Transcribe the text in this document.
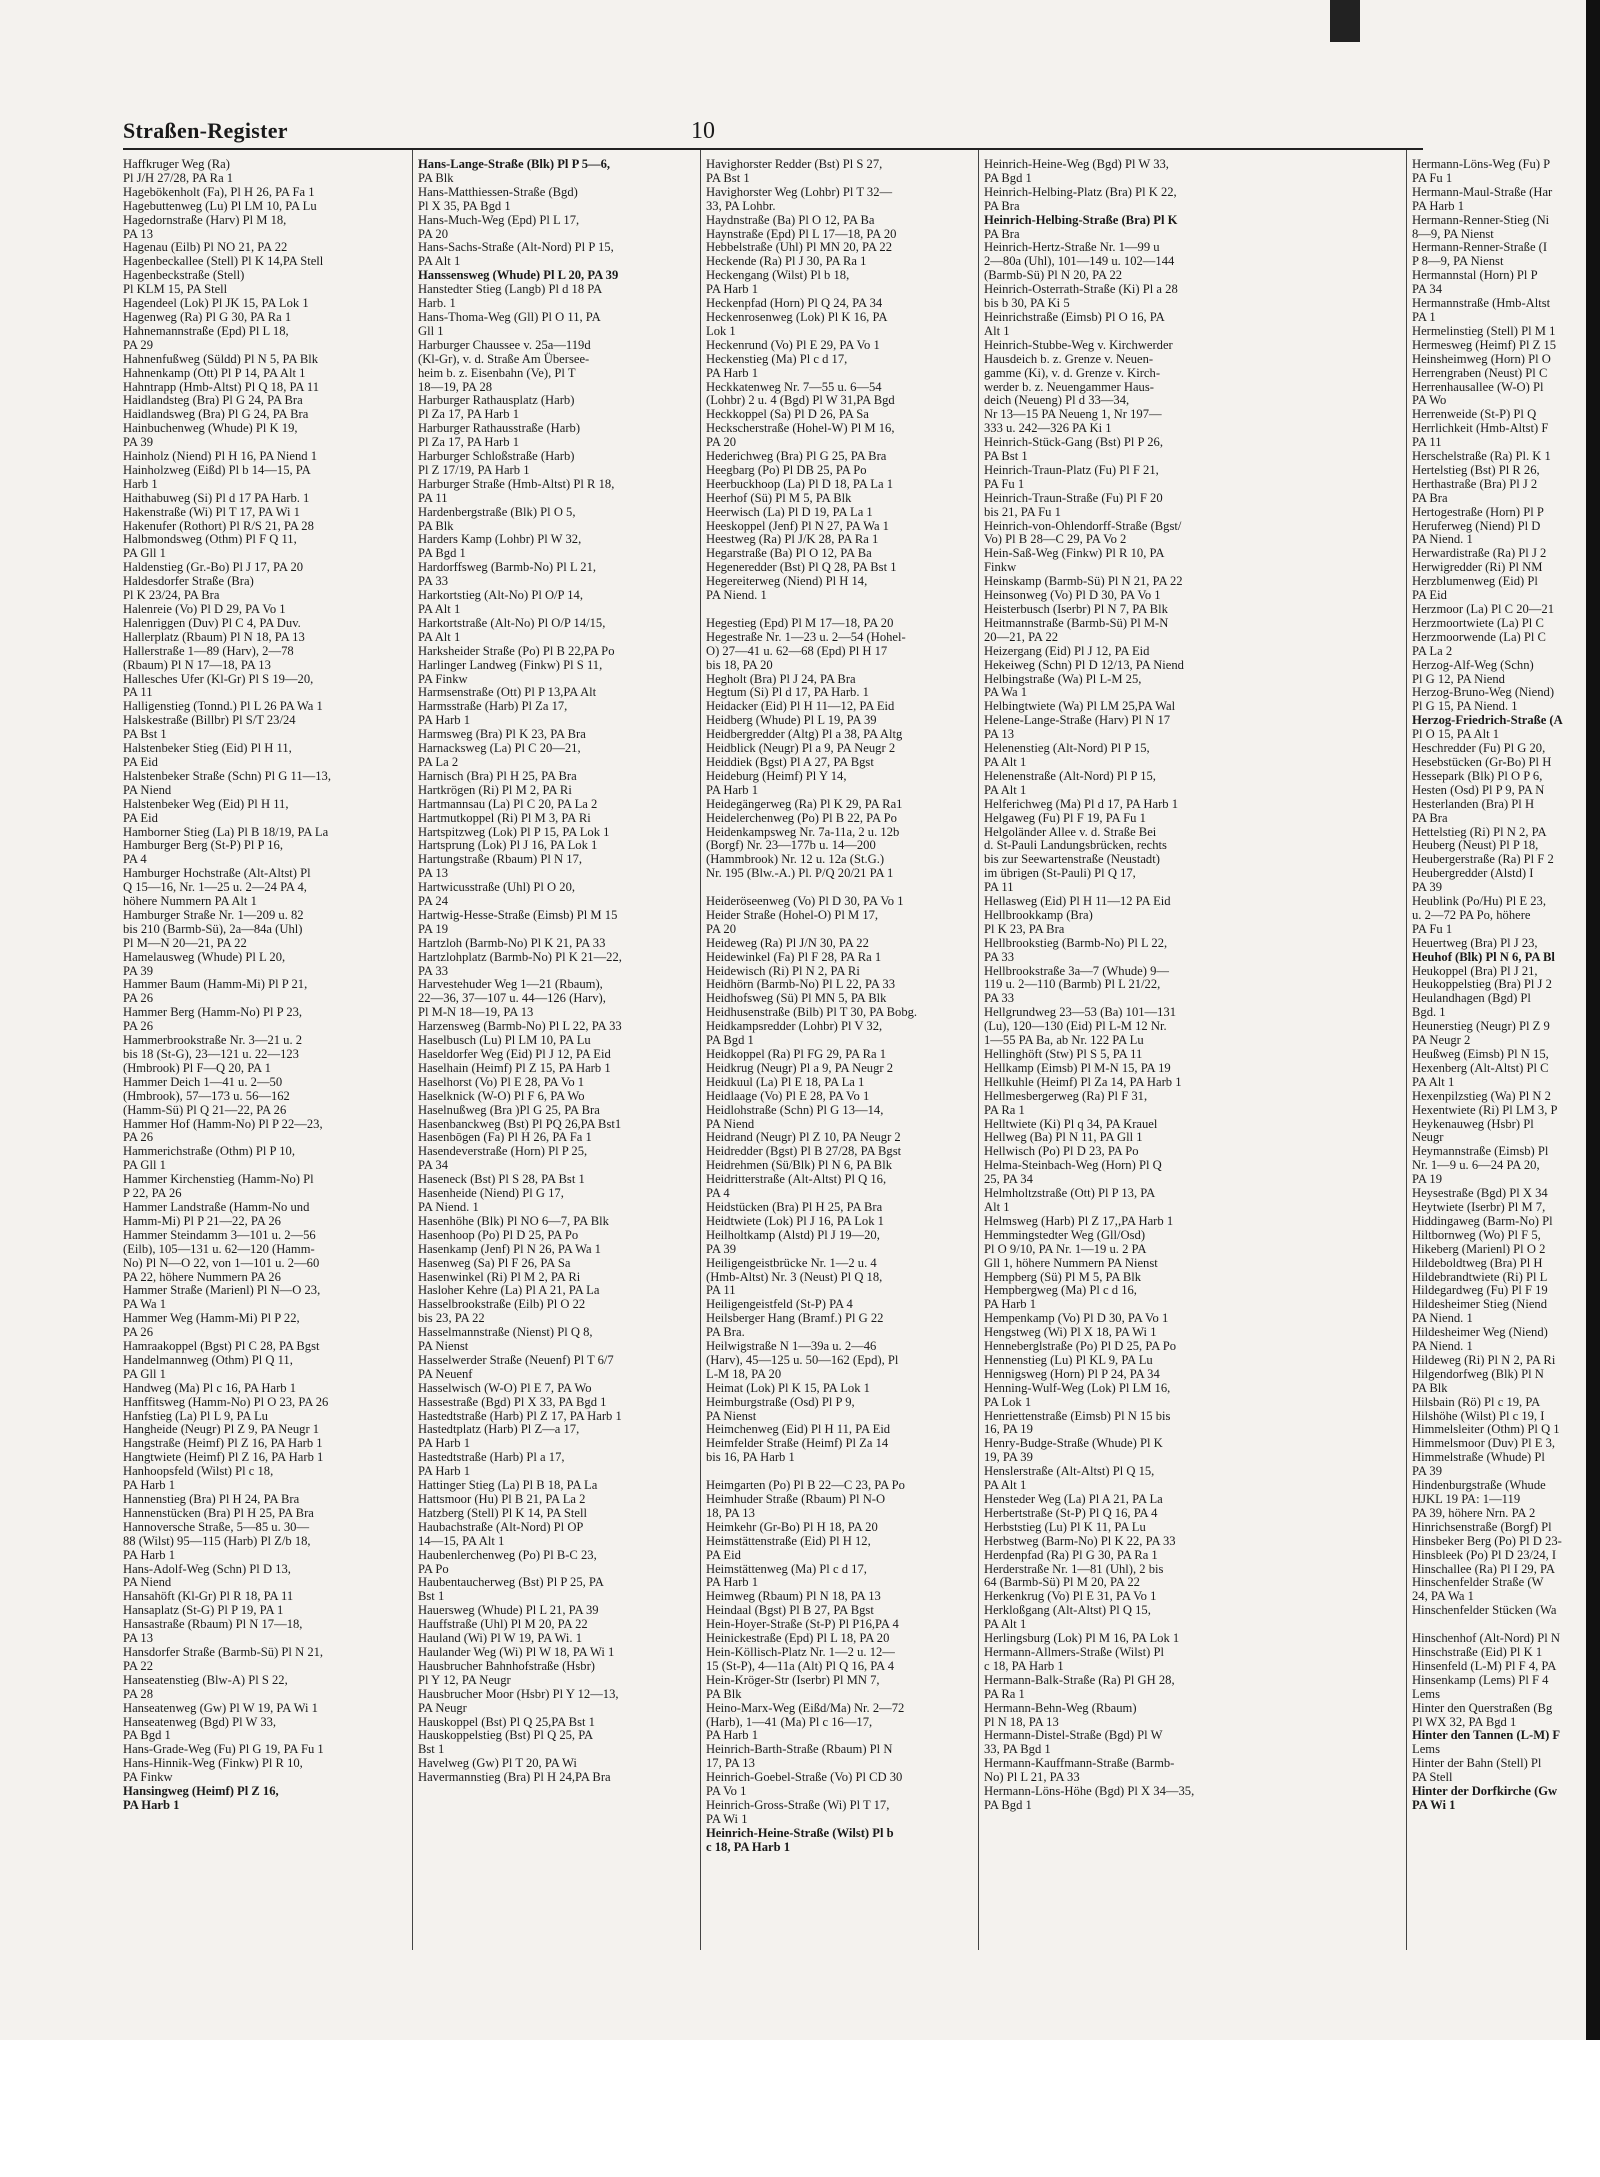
Straßen-Register	10

Haffkruger Weg (Ra)

Pl J/H 27/28, PA Ra 1

Hagebökenholt (Fa), Pl H 26, PA Fa 1

Hagebuttenweg (Lu) Pl LM 10, PA Lu

Hagedornstraße (Harv) Pl M 18,

PA 13

Hagenau (Eilb) Pl NO 21, PA 22

Hagenbeckallee (Stell) Pl K 14,PA Stell

Hagenbeckstraße (Stell)

Pl KLM 15, PA Stell

Hagendeel (Lok) Pl JK 15, PA Lok 1

Hagenweg (Ra) Pl G 30, PA Ra 1

Hahnemannstraße (Epd) Pl L 18,

PA 29

Hahnenfußweg (Süldd) Pl N 5, PA Blk

Hahnenkamp (Ott) Pl P 14, PA Alt 1

Hahntrapp (Hmb-Altst) Pl Q 18, PA 11

Haidlandsteg (Bra) Pl G 24, PA Bra

Haidlandsweg (Bra) Pl G 24, PA Bra

Hainbuchenweg (Whude) Pl K 19,

PA 39

Hainholz (Niend) Pl H 16, PA Niend 1

Hainholzweg (Eißd) Pl b 14—15, PA

Harb 1

Haithabuweg (Si) Pl d 17 PA Harb. 1

Hakenstraße (Wi) Pl T 17, PA Wi 1

Hakenufer (Rothort) Pl R/S 21, PA 28

Halbmondsweg (Othm) Pl F Q 11,

PA Gll 1

Haldenstieg (Gr.-Bo) Pl J 17, PA 20

Haldesdorfer Straße (Bra)

Pl K 23/24, PA Bra

Halenreie (Vo) Pl D 29, PA Vo 1

Halenriggen (Duv) Pl C 4, PA Duv.

Hallerplatz (Rbaum) Pl N 18, PA 13

Hallerstraße 1—89 (Harv), 2—78

(Rbaum) Pl N 17—18, PA 13

Hallesches Ufer (Kl-Gr) Pl S 19—20,

PA 11

Halligenstieg (Tonnd.) Pl L 26 PA Wa 1

Halskestraße (Billbr) Pl S/T 23/24

PA Bst 1

Halstenbeker Stieg (Eid) Pl H 11,

PA Eid

Halstenbeker Straße (Schn) Pl G 11—13,

PA Niend

Halstenbeker Weg (Eid) Pl H 11,

PA Eid

Hamborner Stieg (La) Pl B 18/19, PA La

Hamburger Berg (St-P) Pl P 16,

PA 4

Hamburger Hochstraße (Alt-Altst) Pl

Q 15—16, Nr. 1—25 u. 2—24 PA 4,

höhere Nummern PA Alt 1

Hamburger Straße Nr. 1—209 u. 82

bis 210 (Barmb-Sü), 2a—84a (Uhl)

Pl M—N 20—21, PA 22

Hamelausweg (Whude) Pl L 20,

PA 39

Hammer Baum (Hamm-Mi) Pl P 21,

PA 26

Hammer Berg (Hamm-No) Pl P 23,

PA 26

Hammerbrookstraße Nr. 3—21 u. 2

bis 18 (St-G), 23—121 u. 22—123

(Hmbrook) Pl F—Q 20, PA 1

Hammer Deich 1—41 u. 2—50

(Hmbrook), 57—173 u. 56—162

(Hamm-Sü) Pl Q 21—22, PA 26

Hammer Hof (Hamm-No) Pl P 22—23,

PA 26

Hammerichstraße (Othm) Pl P 10,

PA Gll 1

Hammer Kirchenstieg (Hamm-No) Pl

P 22, PA 26

Hammer Landstraße (Hamm-No und

Hamm-Mi) Pl P 21—22, PA 26

Hammer Steindamm 3—101 u. 2—56

(Eilb), 105—131 u. 62—120 (Hamm-

No) Pl N—O 22, von 1—101 u. 2—60

PA 22, höhere Nummern PA 26

Hammer Straße (Marienl) Pl N—O 23,

PA Wa 1

Hammer Weg (Hamm-Mi) Pl P 22,

PA 26

Hamraakoppel (Bgst) Pl C 28, PA Bgst

Handelmannweg (Othm) Pl Q 11,

PA Gll 1

Handweg (Ma) Pl c 16, PA Harb 1

Hanffitsweg (Hamm-No) Pl O 23, PA 26

Hanfstieg (La) Pl L 9, PA Lu

Hangheide (Neugr) Pl Z 9, PA Neugr 1

Hangstraße (Heimf) Pl Z 16, PA Harb 1

Hangtwiete (Heimf) Pl Z 16, PA Harb 1

Hanhoopsfeld (Wilst) Pl c 18,

PA Harb 1

Hannenstieg (Bra) Pl H 24, PA Bra

Hannenstücken (Bra) Pl H 25, PA Bra

Hannoversche Straße, 5—85 u. 30—

88 (Wilst) 95—115 (Harb) Pl Z/b 18,

PA Harb 1

Hans-Adolf-Weg (Schn) Pl D 13,

PA Niend

Hansahöft (Kl-Gr) Pl R 18, PA 11

Hansaplatz (St-G) Pl P 19, PA 1

Hansastraße (Rbaum) Pl N 17—18,

PA 13

Hansdorfer Straße (Barmb-Sü) Pl N 21,

PA 22

Hanseatenstieg (Blw-A) Pl S 22,

PA 28

Hanseatenweg (Gw) Pl W 19, PA Wi 1

Hanseatenweg (Bgd) Pl W 33,

PA Bgd 1

Hans-Grade-Weg (Fu) Pl G 19, PA Fu 1

Hans-Hinnik-Weg (Finkw) Pl R 10,

PA Finkw

Hansingweg (Heimf) Pl Z 16,

PA Harb 1

Hans-Lange-Straße (Blk) Pl P 5—6,

PA Blk

Hans-Matthiessen-Straße (Bgd)

Pl X 35, PA Bgd 1

Hans-Much-Weg (Epd) Pl L 17,

PA 20

Hans-Sachs-Straße (Alt-Nord) Pl P 15,

PA Alt 1

Hanssensweg (Whude) Pl L 20, PA 39

Hanstedter Stieg (Langb) Pl d 18 PA

Harb. 1

Hans-Thoma-Weg (Gll) Pl O 11, PA

Gll 1

Harburger Chaussee v. 25a—119d

(Kl-Gr), v. d. Straße Am Übersee-

heim b. z. Eisenbahn (Ve), Pl T

18—19, PA 28

Harburger Rathausplatz (Harb)

Pl Za 17, PA Harb 1

Harburger Rathausstraße (Harb)

Pl Za 17, PA Harb 1

Harburger Schloßstraße (Harb)

Pl Z 17/19, PA Harb 1

Harburger Straße (Hmb-Altst) Pl R 18,

PA 11

Hardenbergstraße (Blk) Pl O 5,

PA Blk

Harders Kamp (Lohbr) Pl W 32,

PA Bgd 1

Hardorffsweg (Barmb-No) Pl L 21,

PA 33

Harkortstieg (Alt-No) Pl O/P 14,

PA Alt 1

Harkortstraße (Alt-No) Pl O/P 14/15,

PA Alt 1

Harksheider Straße (Po) Pl B 22,PA Po

Harlinger Landweg (Finkw) Pl S 11,

PA Finkw

Harmsenstraße (Ott) Pl P 13,PA Alt

Harmsstraße (Harb) Pl Za 17,

PA Harb 1

Harmsweg (Bra) Pl K 23, PA Bra

Harnacksweg (La) Pl C 20—21,

PA La 2

Harnisch (Bra) Pl H 25, PA Bra

Hartkrögen (Ri) Pl M 2, PA Ri

Hartmannsau (La) Pl C 20, PA La 2

Hartmutkoppel (Ri) Pl M 3, PA Ri

Hartspitzweg (Lok) Pl P 15, PA Lok 1

Hartsprung (Lok) Pl J 16, PA Lok 1

Hartungstraße (Rbaum) Pl N 17,

PA 13

Hartwicusstraße (Uhl) Pl O 20,

PA 24

Hartwig-Hesse-Straße (Eimsb) Pl M 15

PA 19

Hartzloh (Barmb-No) Pl K 21, PA 33

Hartzlohplatz (Barmb-No) Pl K 21—22,

PA 33

Harvestehuder Weg 1—21 (Rbaum),

22—36, 37—107 u. 44—126 (Harv),

Pl M-N 18—19, PA 13

Harzensweg (Barmb-No) Pl L 22, PA 33

Haselbusch (Lu) Pl LM 10, PA Lu

Haseldorfer Weg (Eid) Pl J 12, PA Eid

Haselhain (Heimf) Pl Z 15, PA Harb 1

Haselhorst (Vo) Pl E 28, PA Vo 1

Haselknick (W-O) Pl F 6, PA Wo

Haselnußweg (Bra )Pl G 25, PA Bra

Hasenbanckweg (Bst) Pl PQ 26,PA Bst1

Hasenbōgen (Fa) Pl H 26, PA Fa 1

Hasendeverstraße (Horn) Pl P 25,

PA 34

Haseneck (Bst) Pl S 28, PA Bst 1

Hasenheide (Niend) Pl G 17,

PA Niend. 1

Hasenhöhe (Blk) Pl NO 6—7, PA Blk

Hasenhoop (Po) Pl D 25, PA Po

Hasenkamp (Jenf) Pl N 26, PA Wa 1

Hasenweg (Sa) Pl F 26, PA Sa

Hasenwinkel (Ri) Pl M 2, PA Ri

Hasloher Kehre (La) Pl A 21, PA La

Hasselbrookstraße (Eilb) Pl O 22

bis 23, PA 22

Hasselmannstraße (Nienst) Pl Q 8,

PA Nienst

Hasselwerder Straße (Neuenf) Pl T 6/7

PA Neuenf

Hasselwisch (W-O) Pl E 7, PA Wo

Hassestraße (Bgd) Pl X 33, PA Bgd 1

Hastedtstraße (Harb) Pl Z 17, PA Harb 1

Hastedtplatz (Harb) Pl Z—a 17,

PA Harb 1

Hastedtstraße (Harb) Pl a 17,

PA Harb 1

Hattinger Stieg (La) Pl B 18, PA La

Hattsmoor (Hu) Pl B 21, PA La 2

Hatzberg (Stell) Pl K 14, PA Stell

Haubachstraße (Alt-Nord) Pl OP

14—15, PA Alt 1

Haubenlerchenweg (Po) Pl B-C 23,

PA Po

Haubentaucherweg (Bst) Pl P 25, PA

Bst 1

Hauersweg (Whude) Pl L 21, PA 39

Hauffstraße (Uhl) Pl M 20, PA 22

Hauland (Wi) Pl W 19, PA Wi. 1

Haulander Weg (Wi) Pl W 18, PA Wi 1

Hausbrucher Bahnhofstraße (Hsbr)

Pl Y 12, PA Neugr

Hausbrucher Moor (Hsbr) Pl Y 12—13,

PA Neugr

Hauskoppel (Bst) Pl Q 25,PA Bst 1

Hauskoppelstieg (Bst) Pl Q 25, PA

Bst 1

Havelweg (Gw) Pl T 20, PA Wi

Havermannstieg (Bra) Pl H 24,PA Bra

Havighorster Redder (Bst) Pl S 27,

PA Bst 1

Havighorster Weg (Lohbr) Pl T 32—

33, PA Lohbr.

Haydnstraße (Ba) Pl O 12, PA Ba

Haynstraße (Epd) Pl L 17—18, PA 20

Hebbelstraße (Uhl) Pl MN 20, PA 22

Heckende (Ra) Pl J 30, PA Ra 1

Heckengang (Wilst) Pl b 18,

PA Harb 1

Heckenpfad (Horn) Pl Q 24, PA 34

Heckenrosenweg (Lok) Pl K 16, PA

Lok 1

Heckenrund (Vo) Pl E 29, PA Vo 1

Heckenstieg (Ma) Pl c d 17,

PA Harb 1

Heckkatenweg Nr. 7—55 u. 6—54

(Lohbr) 2 u. 4 (Bgd) Pl W 31,PA Bgd

Heckkoppel (Sa) Pl D 26, PA Sa

Heckscherstraße (Hohel-W) Pl M 16,

PA 20

Hederichweg (Bra) Pl G 25, PA Bra

Heegbarg (Po) Pl DB 25, PA Po

Heerbuckhoop (La) Pl D 18, PA La 1

Heerhof (Sü) Pl M 5, PA Blk

Heerwisch (La) Pl D 19, PA La 1

Heeskoppel (Jenf) Pl N 27, PA Wa 1

Heestweg (Ra) Pl J/K 28, PA Ra 1

Hegarstraße (Ba) Pl O 12, PA Ba

Hegeneredder (Bst) Pl Q 28, PA Bst 1

Hegereiterweg (Niend) Pl H 14,

PA Niend. 1

Hegestieg (Epd) Pl M 17—18, PA 20

Hegestraße Nr. 1—23 u. 2—54 (Hohel-

O) 27—41 u. 62—68 (Epd) Pl H 17

bis 18, PA 20

Hegholt (Bra) Pl J 24, PA Bra

Hegtum (Si) Pl d 17, PA Harb. 1

Heidacker (Eid) Pl H 11—12, PA Eid

Heidberg (Whude) Pl L 19, PA 39

Heidbergredder (Altg) Pl a 38, PA Altg

Heidblick (Neugr) Pl a 9, PA Neugr 2

Heiddiek (Bgst) Pl A 27, PA Bgst

Heideburg (Heimf) Pl Y 14,

PA Harb 1

Heidegängerweg (Ra) Pl K 29, PA Ra1

Heidelerchenweg (Po) Pl B 22, PA Po

Heidenkampsweg Nr. 7a-11a, 2 u. 12b

(Borgf) Nr. 23—177b u. 14—200

(Hammbrook) Nr. 12 u. 12a (St.G.)

Nr. 195 (Blw.-A.) Pl. P/Q 20/21 PA 1

Heideröseenweg (Vo) Pl D 30, PA Vo 1

Heider Straße (Hohel-O) Pl M 17,

PA 20

Heideweg (Ra) Pl J/N 30, PA 22

Heidewinkel (Fa) Pl F 28, PA Ra 1

Heidewisch (Ri) Pl N 2, PA Ri

Heidhörn (Barmb-No) Pl L 22, PA 33

Heidhofsweg (Sü) Pl MN 5, PA Blk

Heidhusenstraße (Bilb) Pl T 30, PA Bobg.

Heidkampsredder (Lohbr) Pl V 32,

PA Bgd 1

Heidkoppel (Ra) Pl FG 29, PA Ra 1

Heidkrug (Neugr) Pl a 9, PA Neugr 2

Heidkuul (La) Pl E 18, PA La 1

Heidlaage (Vo) Pl E 28, PA Vo 1

Heidlohstraße (Schn) Pl G 13—14,

PA Niend

Heidrand (Neugr) Pl Z 10, PA Neugr 2

Heidredder (Bgst) Pl B 27/28, PA Bgst

Heidrehmen (Sü/Blk) Pl N 6, PA Blk

Heidritterstraße (Alt-Altst) Pl Q 16,

PA 4

Heidstücken (Bra) Pl H 25, PA Bra

Heidtwiete (Lok) Pl J 16, PA Lok 1

Heilholtkamp (Alstd) Pl J 19—20,

PA 39

Heiligengeistbrücke Nr. 1—2 u. 4

(Hmb-Altst) Nr. 3 (Neust) Pl Q 18,

PA 11

Heiligengeistfeld (St-P) PA 4

Heilsberger Hang (Bramf.) Pl G 22

PA Bra.

Heilwigstraße N 1—39a u. 2—46

(Harv), 45—125 u. 50—162 (Epd), Pl

L-M 18, PA 20

Heimat (Lok) Pl K 15, PA Lok 1

Heimburgstraße (Osd) Pl P 9,

PA Nienst

Heimchenweg (Eid) Pl H 11, PA Eid

Heimfelder Straße (Heimf) Pl Za 14

bis 16, PA Harb 1

Heimgarten (Po) Pl B 22—C 23, PA Po

Heimhuder Straße (Rbaum) Pl N-O

18, PA 13

Heimkehr (Gr-Bo) Pl H 18, PA 20

Heimstättenstraße (Eid) Pl H 12,

PA Eid

Heimstättenweg (Ma) Pl c d 17,

PA Harb 1

Heimweg (Rbaum) Pl N 18, PA 13

Heindaal (Bgst) Pl B 27, PA Bgst

Hein-Hoyer-Straße (St-P) Pl P16,PA 4

Heinickestraße (Epd) Pl L 18, PA 20

Hein-Köllisch-Platz Nr. 1—2 u. 12—

15 (St-P), 4—11a (Alt) Pl Q 16, PA 4

Hein-Kröger-Str (Iserbr) Pl MN 7,

PA Blk

Heino-Marx-Weg (Eißd/Ma) Nr. 2—72

(Harb), 1—41 (Ma) Pl c 16—17,

PA Harb 1

Heinrich-Barth-Straße (Rbaum) Pl N

17, PA 13

Heinrich-Goebel-Straße (Vo) Pl CD 30

PA Vo 1

Heinrich-Gross-Straße (Wi) Pl T 17,

PA Wi 1

Heinrich-Heine-Straße (Wilst) Pl b

c 18, PA Harb 1

Heinrich-Heine-Weg (Bgd) Pl W 33,

PA Bgd 1

Heinrich-Helbing-Platz (Bra) Pl K 22,

PA Bra

Heinrich-Helbing-Straße (Bra) Pl K

PA Bra

Heinrich-Hertz-Straße Nr. 1—99 u

2—80a (Uhl), 101—149 u. 102—144

(Barmb-Sü) Pl N 20, PA 22

Heinrich-Osterrath-Straße (Ki) Pl a 28

bis b 30, PA Ki 5

Heinrichstraße (Eimsb) Pl O 16, PA

Alt 1

Heinrich-Stubbe-Weg v. Kirchwerder

Hausdeich b. z. Grenze v. Neuen-

gamme (Ki), v. d. Grenze v. Kirch-

werder b. z. Neuengammer Haus-

deich (Neueng) Pl d 33—34,

Nr 13—15 PA Neueng 1, Nr 197—

333 u. 242—326 PA Ki 1

Heinrich-Stück-Gang (Bst) Pl P 26,

PA Bst 1

Heinrich-Traun-Platz (Fu) Pl F 21,

PA Fu 1

Heinrich-Traun-Straße (Fu) Pl F 20

bis 21, PA Fu 1

Heinrich-von-Ohlendorff-Straße (Bgst/

Vo) Pl B 28—C 29, PA Vo 2

Hein-Saß-Weg (Finkw) Pl R 10, PA

Finkw

Heinskamp (Barmb-Sü) Pl N 21, PA 22

Heinsonweg (Vo) Pl D 30, PA Vo 1

Heisterbusch (Iserbr) Pl N 7, PA Blk

Heitmannstraße (Barmb-Sü) Pl M-N

20—21, PA 22

Heizergang (Eid) Pl J 12, PA Eid

Hekeiweg (Schn) Pl D 12/13, PA Niend

Helbingstraße (Wa) Pl L-M 25,

PA Wa 1

Helbingtwiete (Wa) Pl LM 25,PA Wal

Helene-Lange-Straße (Harv) Pl N 17

PA 13

Helenenstieg (Alt-Nord) Pl P 15,

PA Alt 1

Helenenstraße (Alt-Nord) Pl P 15,

PA Alt 1

Helferichweg (Ma) Pl d 17, PA Harb 1

Helgaweg (Fu) Pl F 19, PA Fu 1

Helgoländer Allee v. d. Straße Bei

d. St-Pauli Landungsbrücken, rechts

bis zur Seewartenstraße (Neustadt)

im übrigen (St-Pauli) Pl Q 17,

PA 11

Hellasweg (Eid) Pl H 11—12 PA Eid

Hellbrookkamp (Bra)

Pl K 23, PA Bra

Hellbrookstieg (Barmb-No) Pl L 22,

PA 33

Hellbrookstraße 3a—7 (Whude) 9—

119 u. 2—110 (Barmb) Pl L 21/22,

PA 33

Hellgrundweg 23—53 (Ba) 101—131

(Lu), 120—130 (Eid) Pl L-M 12 Nr.

1—55 PA Ba, ab Nr. 122 PA Lu

Hellinghöft (Stw) Pl S 5, PA 11

Hellkamp (Eimsb) Pl M-N 15, PA 19

Hellkuhle (Heimf) Pl Za 14, PA Harb 1

Hellmesbergerweg (Ra) Pl F 31,

PA Ra 1

Helltwiete (Ki) Pl q 34, PA Krauel

Hellweg (Ba) Pl N 11, PA Gll 1

Hellwisch (Po) Pl D 23, PA Po

Helma-Steinbach-Weg (Horn) Pl Q

25, PA 34

Helmholtzstraße (Ott) Pl P 13, PA

Alt 1

Helmsweg (Harb) Pl Z 17,,PA Harb 1

Hemmingstedter Weg (Gll/Osd)

Pl O 9/10, PA Nr. 1—19 u. 2 PA

Gll 1, höhere Nummern PA Nienst

Hempberg (Sü) Pl M 5, PA Blk

Hempbergweg (Ma) Pl c d 16,

PA Harb 1

Hempenkamp (Vo) Pl D 30, PA Vo 1

Hengstweg (Wi) Pl X 18, PA Wi 1

Henneberglstraße (Po) Pl D 25, PA Po

Hennenstieg (Lu) Pl KL 9, PA Lu

Hennigsweg (Horn) Pl P 24, PA 34

Henning-Wulf-Weg (Lok) Pl LM 16,

PA Lok 1

Henriettenstraße (Eimsb) Pl N 15 bis

16, PA 19

Henry-Budge-Straße (Whude) Pl K

19, PA 39

Henslerstraße (Alt-Altst) Pl Q 15,

PA Alt 1

Hensteder Weg (La) Pl A 21, PA La

Herbertstraße (St-P) Pl Q 16, PA 4

Herbststieg (Lu) Pl K 11, PA Lu

Herbstweg (Barm-No) Pl K 22, PA 33

Herdenpfad (Ra) Pl G 30, PA Ra 1

Herderstraße Nr. 1—81 (Uhl), 2 bis

64 (Barmb-Sü) Pl M 20, PA 22

Herkenkrug (Vo) Pl E 31, PA Vo 1

Herkloßgang (Alt-Altst) Pl Q 15,

PA Alt 1

Herlingsburg (Lok) Pl M 16, PA Lok 1

Hermann-Allmers-Straße (Wilst) Pl

c 18, PA Harb 1

Hermann-Balk-Straße (Ra) Pl GH 28,

PA Ra 1

Hermann-Behn-Weg (Rbaum)

Pl N 18, PA 13

Hermann-Distel-Straße (Bgd) Pl W

33, PA Bgd 1

Hermann-Kauffmann-Straße (Barmb-

No) Pl L 21, PA 33

Hermann-Löns-Höhe (Bgd) Pl X 34—35,

PA Bgd 1

Hermann-Löns-Weg (Fu) P

PA Fu 1

Hermann-Maul-Straße (Har

PA Harb 1

Hermann-Renner-Stieg (Ni

8—9, PA Nienst

Hermann-Renner-Straße (I

P 8—9, PA Nienst

Hermannstal (Horn) Pl P

PA 34

Hermannstraße (Hmb-Altst

PA 1

Hermelinstieg (Stell) Pl M 1

Hermesweg (Heimf) Pl Z 15

Heinsheimweg (Horn) Pl O

Herrengraben (Neust) Pl C

Herrenhausallee (W-O) Pl

PA Wo

Herrenweide (St-P) Pl Q

Herrlichkeit (Hmb-Altst) F

PA 11

Herschelstraße (Ra) Pl. K 1

Hertelstieg (Bst) Pl R 26,

Herthastraße (Bra) Pl J 2

PA Bra

Hertogestraße (Horn) Pl P

Heruferweg (Niend) Pl D

PA Niend. 1

Herwardistraße (Ra) Pl J 2

Herwigredder (Ri) Pl NM

Herzblumenweg (Eid) Pl

PA Eid

Herzmoor (La) Pl C 20—21

Herzmoortwiete (La) Pl C

Herzmoorwende (La) Pl C

PA La 2

Herzog-Alf-Weg (Schn)

Pl G 12, PA Niend

Herzog-Bruno-Weg (Niend)

Pl G 15, PA Niend. 1

Herzog-Friedrich-Straße (A

Pl O 15, PA Alt 1

Heschredder (Fu) Pl G 20,

Hesebstücken (Gr-Bo) Pl H

Hessepark (Blk) Pl O P 6,

Hesten (Osd) Pl P 9, PA N

Hesterlanden (Bra) Pl H

PA Bra

Hettelstieg (Ri) Pl N 2, PA

Heuberg (Neust) Pl P 18,

Heubergerstraße (Ra) Pl F 2

Heubergredder (Alstd) I

PA 39

Heublink (Po/Hu) Pl E 23,

u. 2—72 PA Po, höhere

PA Fu 1

Heuertweg (Bra) Pl J 23,

Heuhof (Blk) Pl N 6, PA Bl

Heukoppel (Bra) Pl J 21,

Heukoppelstieg (Bra) Pl J 2

Heulandhagen (Bgd) Pl

Bgd. 1

Heunerstieg (Neugr) Pl Z 9

PA Neugr 2

Heußweg (Eimsb) Pl N 15,

Hexenberg (Alt-Altst) Pl C

PA Alt 1

Hexenpilzstieg (Wa) Pl N 2

Hexentwiete (Ri) Pl LM 3, P

Heykenauweg (Hsbr) Pl

Neugr

Heymannstraße (Eimsb) Pl

Nr. 1—9 u. 6—24 PA 20,

PA 19

Heysestraße (Bgd) Pl X 34

Heytwiete (Iserbr) Pl M 7,

Hiddingaweg (Barm-No) Pl

Hiltbornweg (Wo) Pl F 5,

Hikeberg (Marienl) Pl O 2

Hildeboldtweg (Bra) Pl H

Hildebrandtwiete (Ri) Pl L

Hildegardweg (Fu) Pl F 19

Hildesheimer Stieg (Niend

PA Niend. 1

Hildesheimer Weg (Niend)

PA Niend. 1

Hildeweg (Ri) Pl N 2, PA Ri

Hilgendorfweg (Blk) Pl N

PA Blk

Hilsbain (Rö) Pl c 19, PA

Hilshöhe (Wilst) Pl c 19, I

Himmelsleiter (Othm) Pl Q 1

Himmelsmoor (Duv) Pl E 3,

Himmelstraße (Whude) Pl

PA 39

Hindenburgstraße (Whude

HJKL 19 PA: 1—119

PA 39, höhere Nrn. PA 2

Hinrichsenstraße (Borgf) Pl

Hinsbeker Berg (Po) Pl D 23-

Hinsbleek (Po) Pl D 23/24, I

Hinschallee (Ra) Pl I 29, PA

Hinschenfelder Straße (W

24, PA Wa 1

Hinschenfelder Stücken (Wa

Hinschenhof (Alt-Nord) Pl N

Hinschstraße (Eid) Pl K 1

Hinsenfeld (L-M) Pl F 4, PA

Hinsenkamp (Lems) Pl F 4

Lems

Hinter den Querstraßen (Bg

Pl WX 32, PA Bgd 1

Hinter den Tannen (L-M) F

Lems

Hinter der Bahn (Stell) Pl

PA Stell

Hinter der Dorfkirche (Gw

PA Wi 1
